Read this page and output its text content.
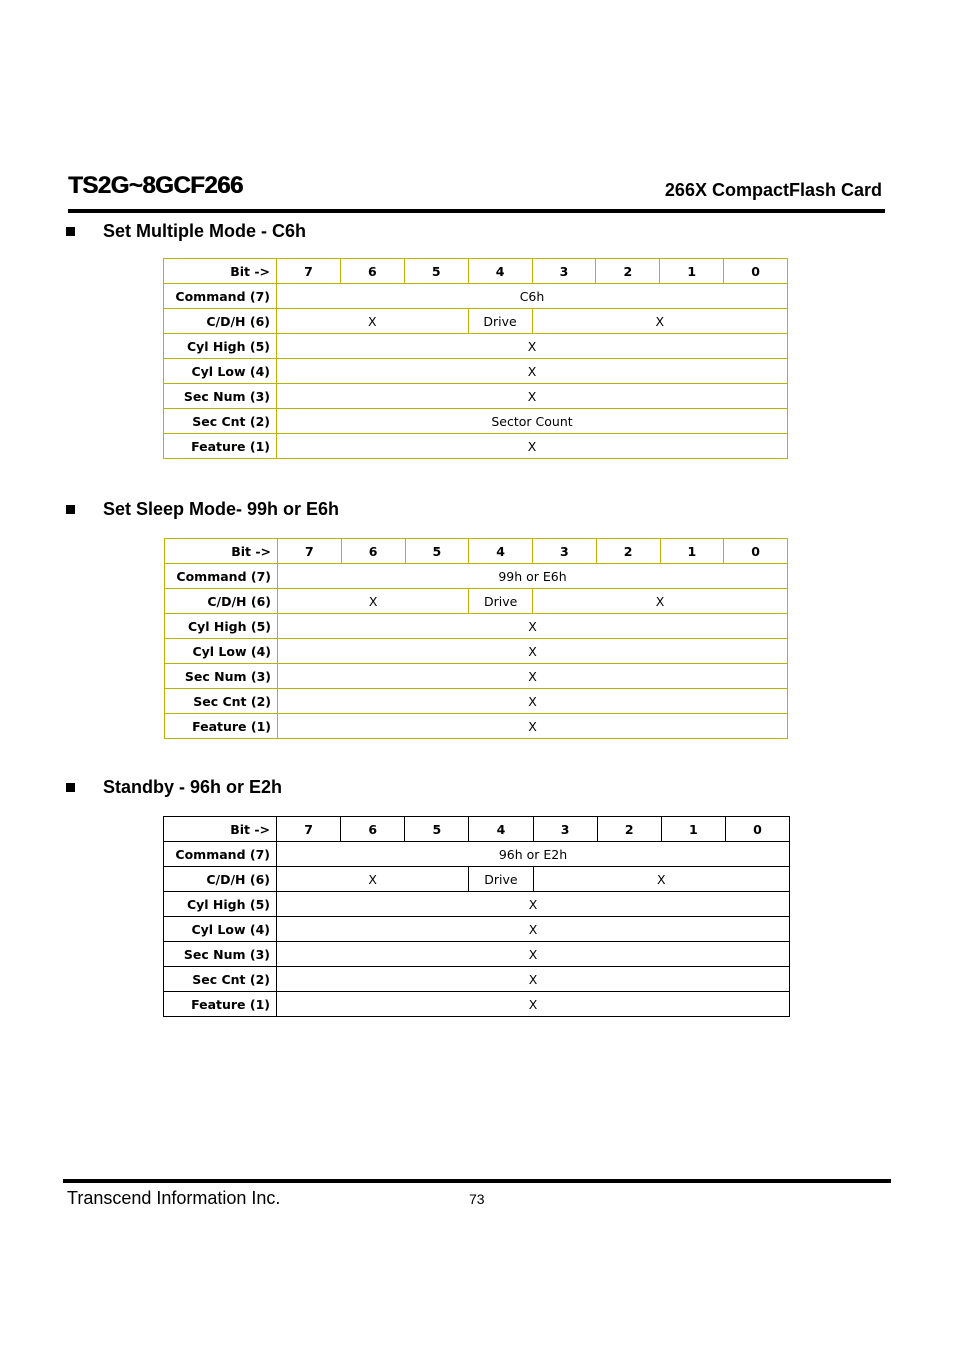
TS2G~8GCF266	266X CompactFlash Card
Set Multiple Mode - C6h
Bit ->	7	6	5	4	3	2	1	0
Command (7)	C6h							
C/D/H (6)	X			Drive	X			
Cyl High (5)	X							
Cyl Low (4)	X							
Sec Num (3)	X							
Sec Cnt (2)	Sector Count							
Feature (1)	X							
Set Sleep Mode- 99h or E6h
Bit ->	7	6	5	4	3	2	1	0
Command (7)	99h or E6h							
C/D/H (6)	X			Drive	X			
Cyl High (5)	X							
Cyl Low (4)	X							
Sec Num (3)	X							
Sec Cnt (2)	X							
Feature (1)	X							
Standby - 96h or E2h
Bit ->	7	6	5	4	3	2	1	0
Command (7)	96h or E2h							
C/D/H (6)	X			Drive	X			
Cyl High (5)	X							
Cyl Low (4)	X							
Sec Num (3)	X							
Sec Cnt (2)	X							
Feature (1)	X							
Transcend Information Inc.	73
